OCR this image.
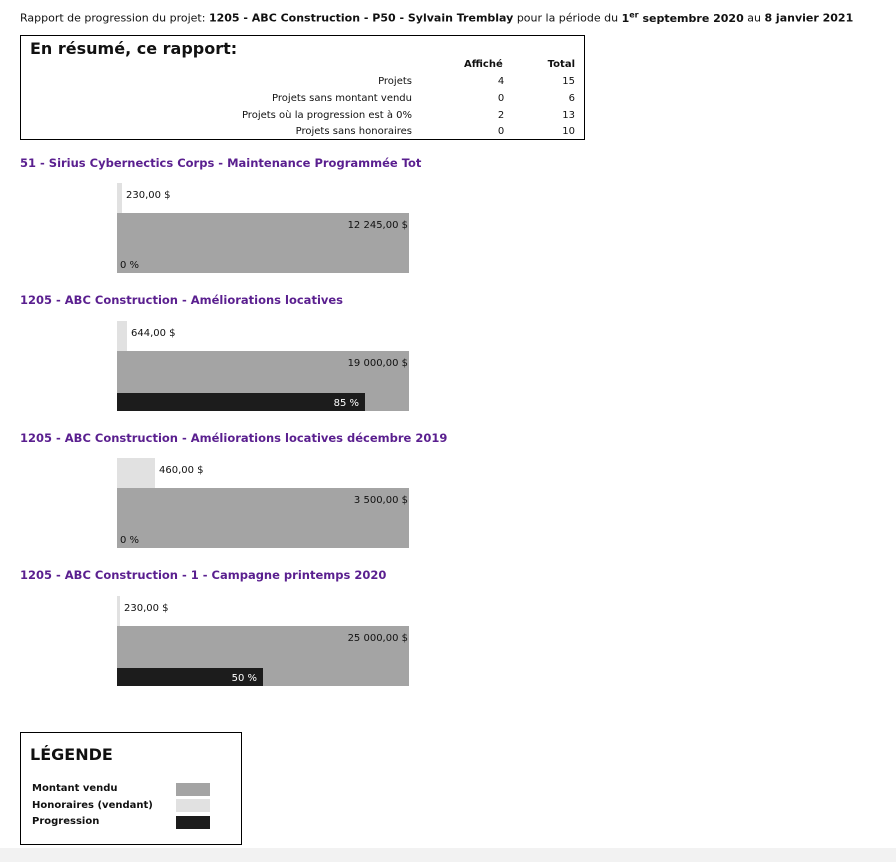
Rapport de progression du projet: 1205 - ABC Construction - P50 - Sylvain Tremblay pour la période du 1er septembre 2020 au 8 janvier 2021
En résumé, ce rapport:
Affiché	Total
Projets	4	15
Projets sans montant vendu	0	6
Projets où la progression est à 0%	2	13
Projets sans honoraires	0	10
51 - Sirius Cybernectics Corps - Maintenance Programmée Tot
230,00 $
12 245,00 $
0 %
1205 - ABC Construction - Améliorations locatives
644,00 $
19 000,00 $
85 %
1205 - ABC Construction - Améliorations locatives décembre 2019
460,00 $
3 500,00 $
0 %
1205 - ABC Construction - 1 - Campagne printemps 2020
230,00 $
25 000,00 $
50 %
LÉGENDE
Montant vendu
Honoraires (vendant)
Progression
